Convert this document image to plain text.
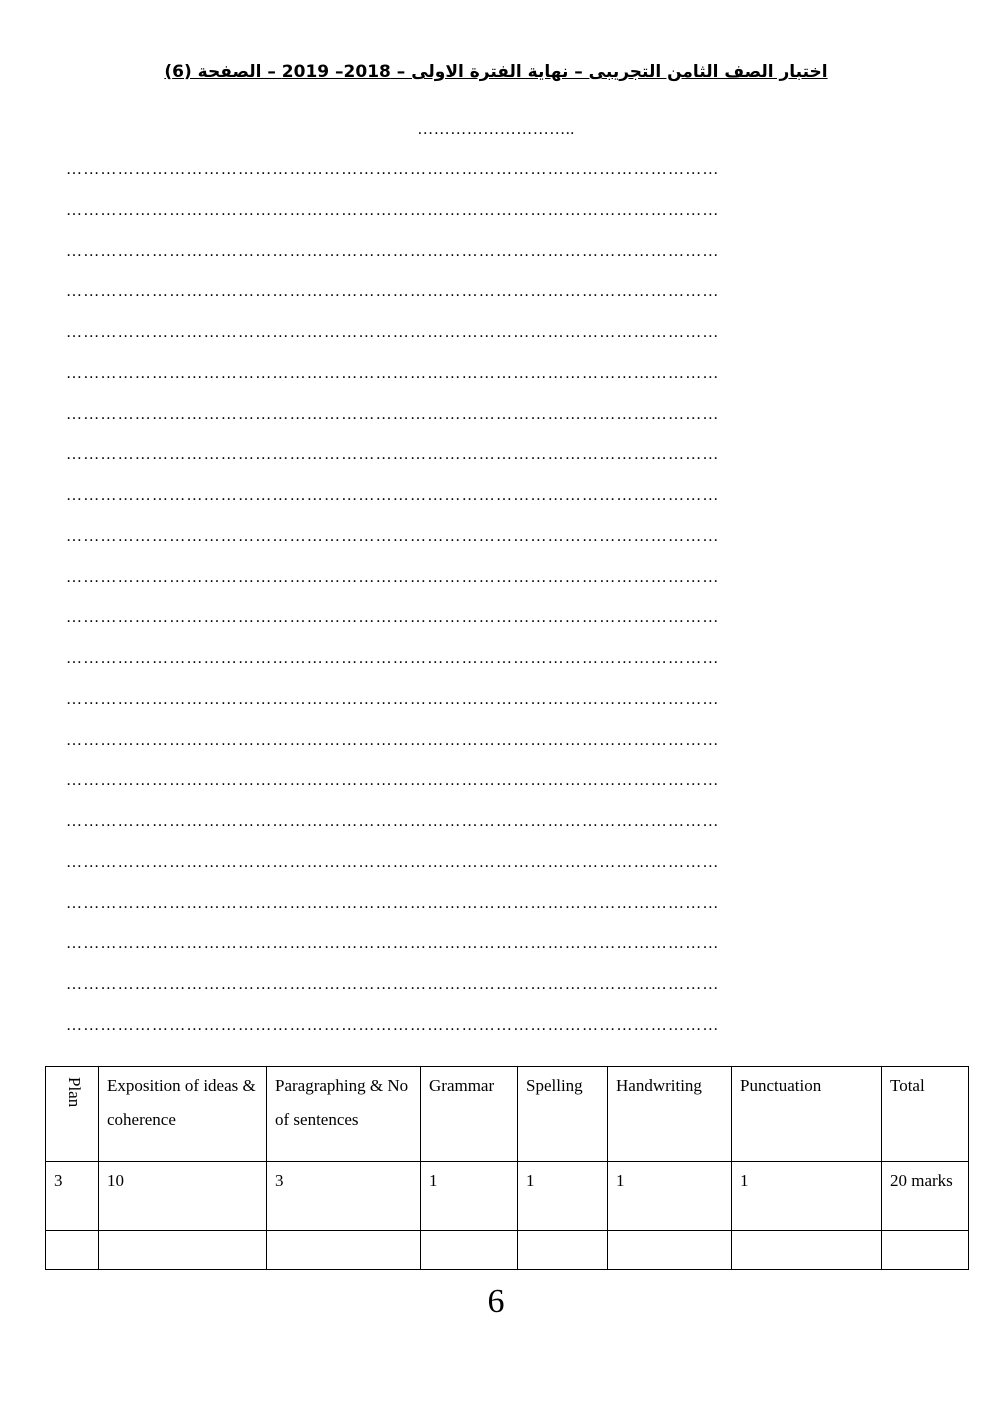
اختبار الصف الثامن التجريبى – نهاية الفترة الاولى – 2018– 2019 – الصفحة (6)
………………………..
……………………………………………………………………………………………………
……………………………………………………………………………………………………
……………………………………………………………………………………………………
……………………………………………………………………………………………………
……………………………………………………………………………………………………
……………………………………………………………………………………………………
……………………………………………………………………………………………………
……………………………………………………………………………………………………
……………………………………………………………………………………………………
……………………………………………………………………………………………………
……………………………………………………………………………………………………
……………………………………………………………………………………………………
……………………………………………………………………………………………………
……………………………………………………………………………………………………
……………………………………………………………………………………………………
……………………………………………………………………………………………………
……………………………………………………………………………………………………
……………………………………………………………………………………………………
……………………………………………………………………………………………………
……………………………………………………………………………………………………
……………………………………………………………………………………………………
……………………………………………………………………………………………………
Plan	Exposition of ideas & coherence	Paragraphing & No of sentences	Grammar	Spelling	Handwriting	Punctuation	Total
3	10	3	1	1	1	1	20 marks

6
